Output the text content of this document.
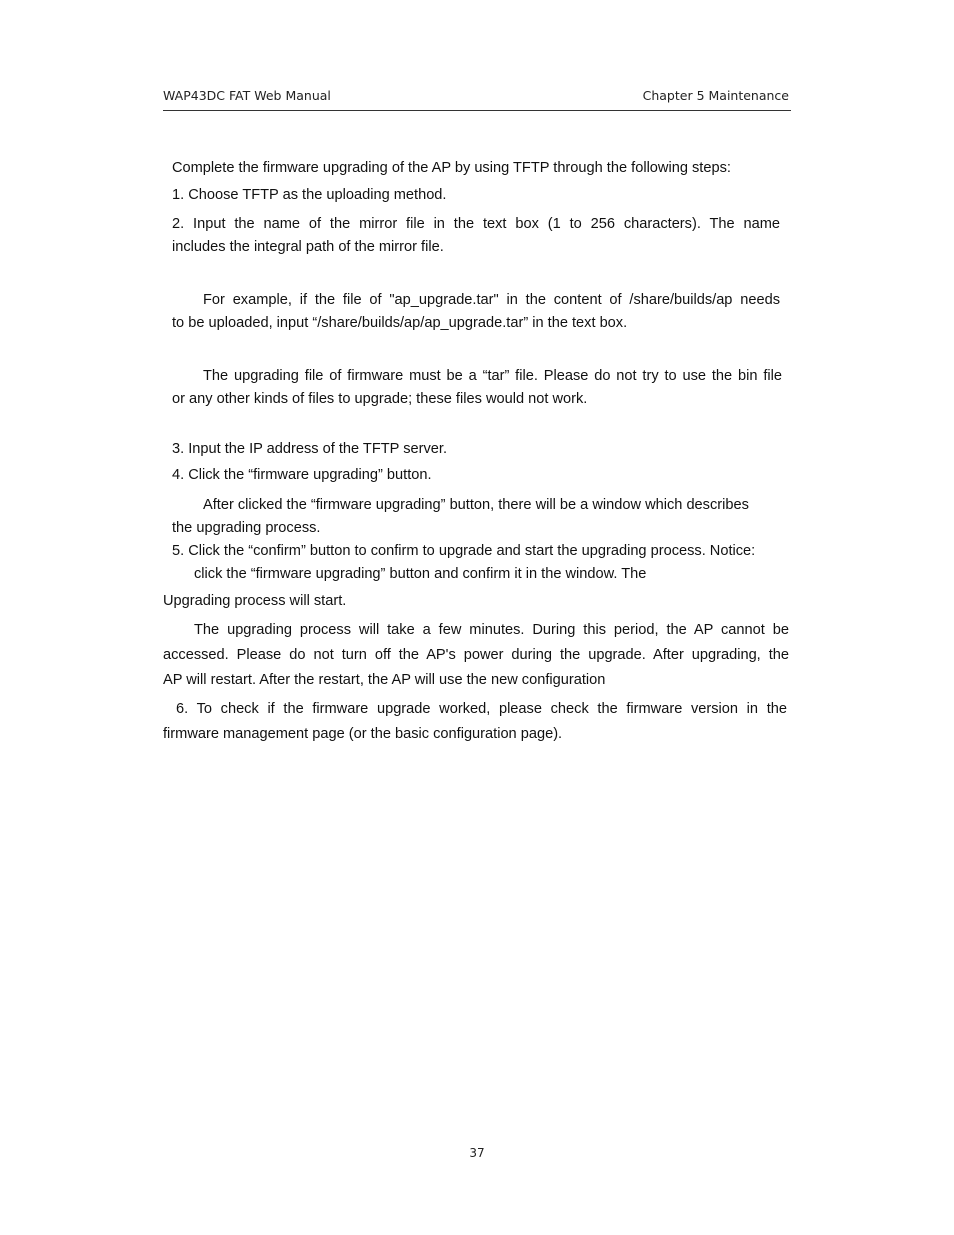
WAP43DC FAT Web Manual	Chapter 5 Maintenance

Complete the firmware upgrading of the AP by using TFTP through the following steps:

1. Choose TFTP as the uploading method.

2. Input the name of the mirror file in the text box (1 to 256 characters). The name

includes the integral path of the mirror file.

For example, if the file of "ap_upgrade.tar" in the content of /share/builds/ap needs

to be uploaded, input “/share/builds/ap/ap_upgrade.tar” in the text box.

The upgrading file of firmware must be a “tar” file. Please do not try to use the bin file

or any other kinds of files to upgrade; these files would not work.

3. Input the IP address of the TFTP server.

4. Click the “firmware upgrading” button.

After clicked the “firmware upgrading” button, there will be a window which describes

the upgrading process.

5. Click the “confirm” button to confirm to upgrade and start the upgrading process. Notice:

click the “firmware upgrading” button and confirm it in the window. The

Upgrading process will start.

The upgrading process will take a few minutes. During this period, the AP cannot be

accessed. Please do not turn off the AP's power during the upgrade. After upgrading, the

AP will restart. After the restart, the AP will use the new configuration

6. To check if the firmware upgrade worked, please check the firmware version in the

firmware management page (or the basic configuration page).

37
